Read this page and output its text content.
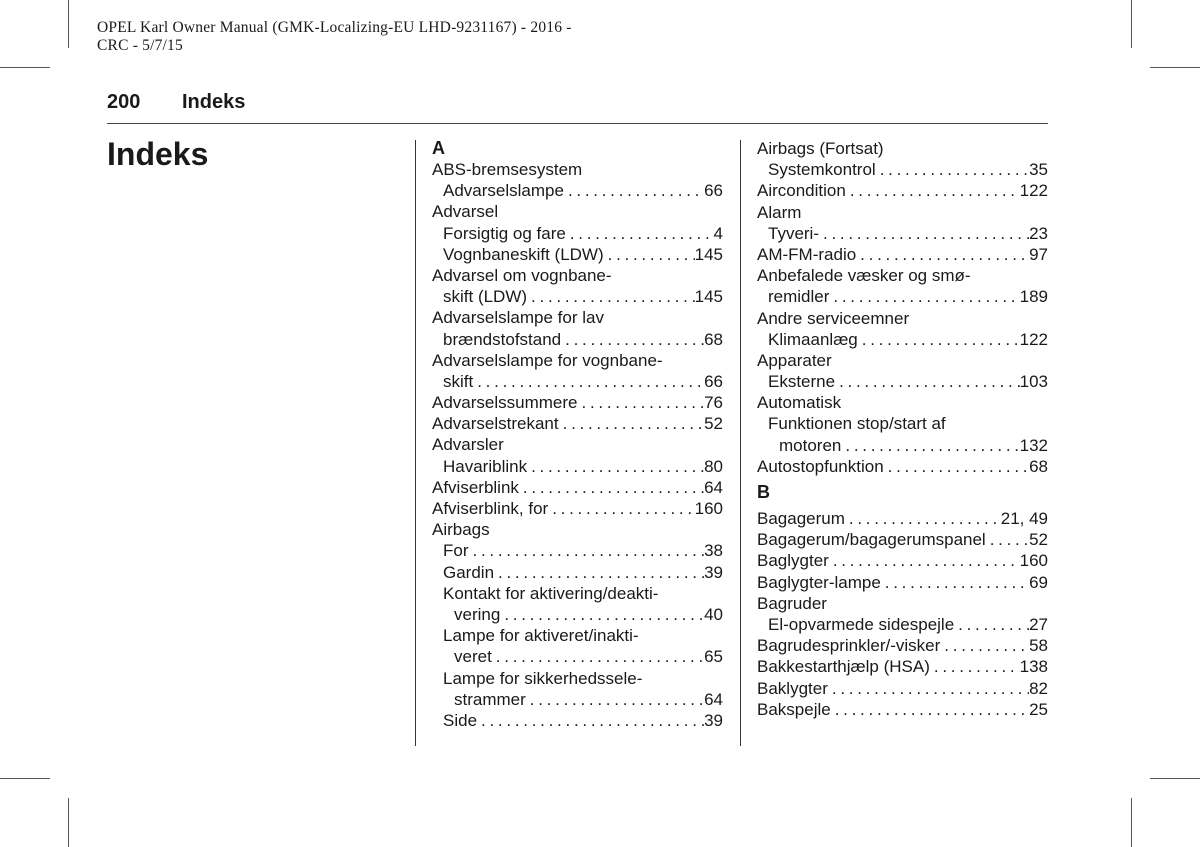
OPEL Karl Owner Manual (GMK-Localizing-EU LHD-9231167) - 2016 -
CRC - 5/7/15
200 Indeks
Indeks	A
ABS-bremsesystem
Advarselslampe . . .	66
Advarsel
Forsigtig og fare . . .	4
Vognbaneskift (LDW) . . .	145
Advarsel om vognbane-
skift (LDW) . . .	145
Advarselslampe for lav
brændstofstand . . .	68
Advarselslampe for vognbane-
skift . . .	66
Advarselssummere . . .	76
Advarselstrekant . . .	52
Advarsler
Havariblink . . .	80
Afviserblink . . .	64
Afviserblink, for . . .	160
Airbags
For . . .	38
Gardin . . .	39
Kontakt for aktivering/deakti-
vering . . .	40
Lampe for aktiveret/inakti-
veret . . .	65
Lampe for sikkerhedssele-
strammer . . .	64
Side . . .	39
Airbags (Fortsat)
Systemkontrol . . .	35
Aircondition . . .	122
Alarm
Tyveri- . . .	23
AM-FM-radio . . .	97
Anbefalede væsker og smø-
remidler . . .	189
Andre serviceemner
Klimaanlæg . . .	122
Apparater
Eksterne . . .	103
Automatisk
Funktionen stop/start af
motoren . . .	132
Autostopfunktion . . .	68
B
Bagagerum . . .	21, 49
Bagagerum/bagagerumspanel . . .	52
Baglygter . . .	160
Baglygter-lampe . . .	69
Bagruder
El-opvarmede sidespejle . . .	27
Bagrudesprinkler/-visker . . .	58
Bakkestarthjælp (HSA) . . .	138
Baklygter . . .	82
Bakspejle . . .	25
